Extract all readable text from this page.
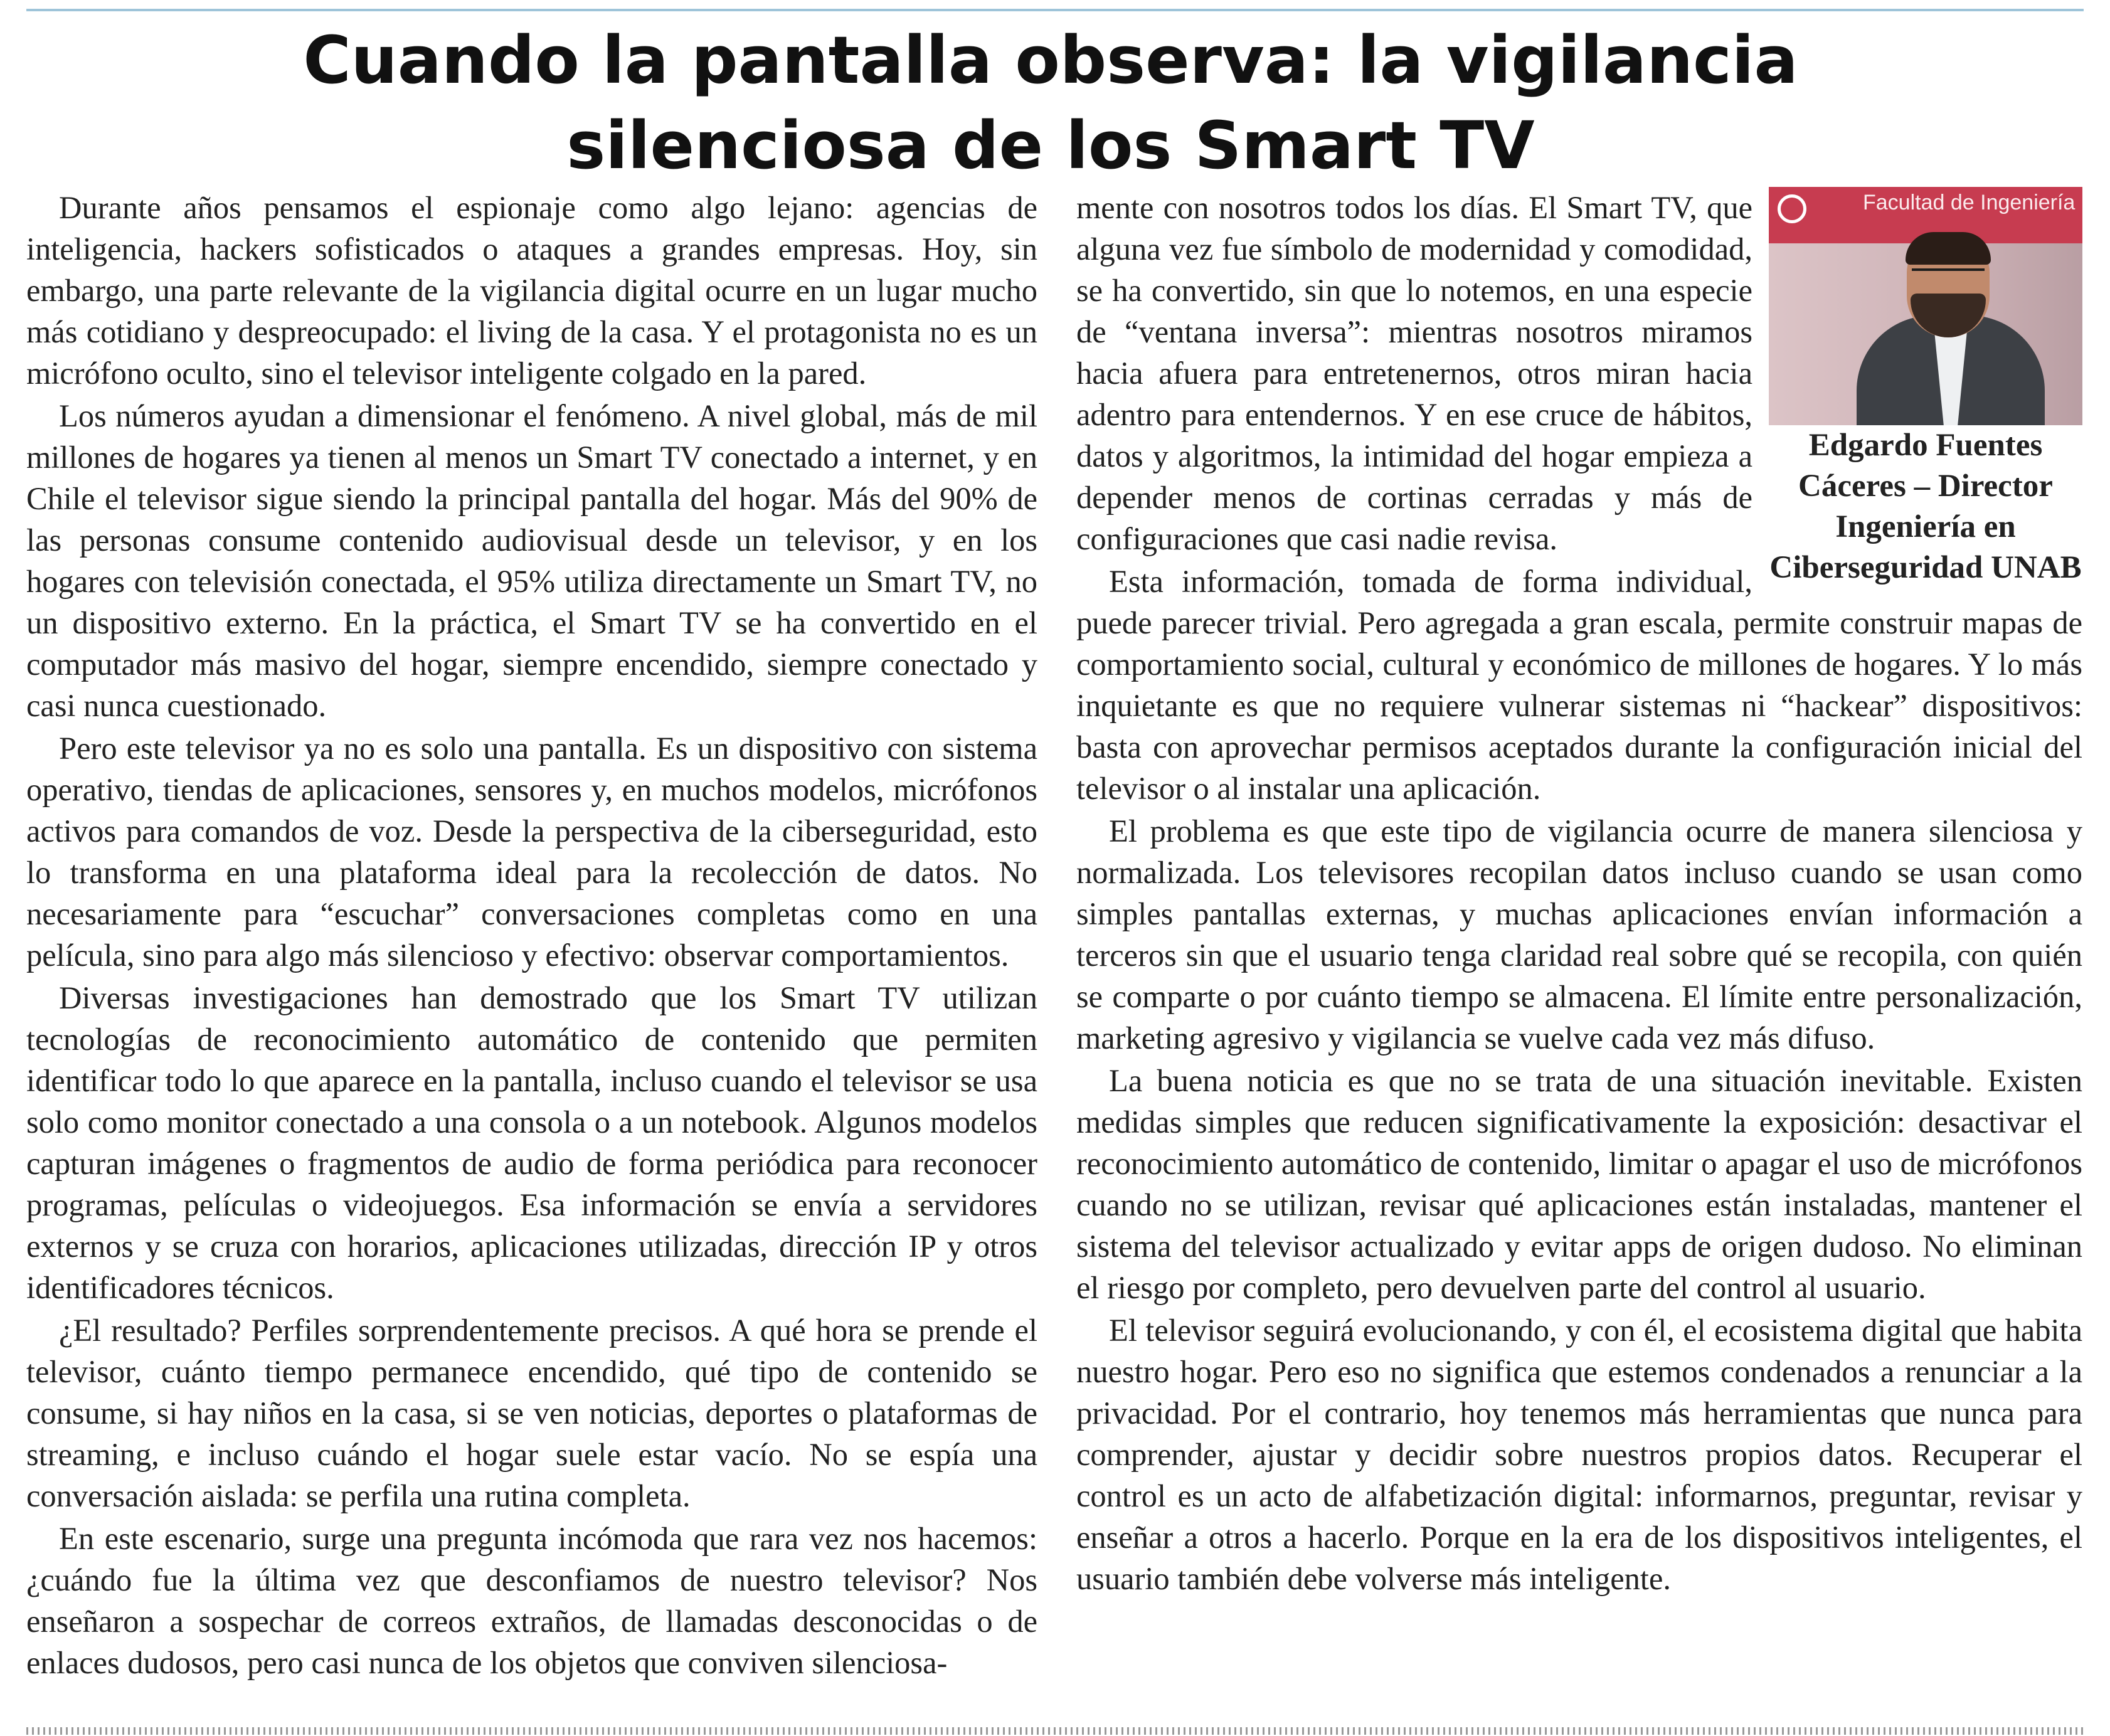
Cuando la pantalla observa: la vigilancia
silenciosa de los Smart TV

Durante años pensamos el espionaje como algo lejano: agencias de inteligencia, hackers sofisticados o ataques a grandes empresas. Hoy, sin embargo, una parte relevante de la vigilancia digital ocurre en un lugar mucho más cotidiano y despreocupado: el living de la casa. Y el protagonista no es un micrófono oculto, sino el televisor inteligente colgado en la pared.

Los números ayudan a dimensionar el fenómeno. A nivel global, más de mil millones de hogares ya tienen al menos un Smart TV conectado a internet, y en Chile el televisor sigue siendo la principal pantalla del hogar. Más del 90% de las personas consume contenido audiovisual desde un televisor, y en los hogares con televisión conectada, el 95% utiliza directamente un Smart TV, no un dispositivo externo. En la práctica, el Smart TV se ha convertido en el computador más masivo del hogar, siempre encendido, siempre conectado y casi nunca cuestionado.

Pero este televisor ya no es solo una pantalla. Es un dispositivo con sistema operativo, tiendas de aplicaciones, sensores y, en muchos modelos, micrófonos activos para comandos de voz. Desde la perspectiva de la ciberseguridad, esto lo transforma en una plataforma ideal para la recolección de datos. No necesariamente para “escuchar” conversaciones completas como en una película, sino para algo más silencioso y efectivo: observar comportamientos.

Diversas investigaciones han demostrado que los Smart TV utilizan tecnologías de reconocimiento automático de contenido que permiten identificar todo lo que aparece en la pantalla, incluso cuando el televisor se usa solo como monitor conectado a una consola o a un notebook. Algunos modelos capturan imágenes o fragmentos de audio de forma periódica para reconocer programas, películas o videojuegos. Esa información se envía a servidores externos y se cruza con horarios, aplicaciones utilizadas, dirección IP y otros identificadores técnicos.

¿El resultado? Perfiles sorprendentemente precisos. A qué hora se prende el televisor, cuánto tiempo permanece encendido, qué tipo de contenido se consume, si hay niños en la casa, si se ven noticias, deportes o plataformas de streaming, e incluso cuándo el hogar suele estar vacío. No se espía una conversación aislada: se perfila una rutina completa.

En este escenario, surge una pregunta incómoda que rara vez nos hacemos: ¿cuándo fue la última vez que desconfiamos de nuestro televisor? Nos enseñaron a sospechar de correos extraños, de llamadas desconocidas o de enlaces dudosos, pero casi nunca de los objetos que conviven silenciosa-

Facultad de Ingeniería
Edgardo Fuentes Cáceres – Director Ingeniería en Ciberseguridad UNAB

mente con nosotros todos los días. El Smart TV, que alguna vez fue símbolo de modernidad y comodidad, se ha convertido, sin que lo notemos, en una especie de “ventana inversa”: mientras nosotros miramos hacia afuera para entretenernos, otros miran hacia adentro para entendernos. Y en ese cruce de hábitos, datos y algoritmos, la intimidad del hogar empieza a depender menos de cortinas cerradas y más de configuraciones que casi nadie revisa.

Esta información, tomada de forma individual, puede parecer trivial. Pero agregada a gran escala, permite construir mapas de comportamiento social, cultural y económico de millones de hogares. Y lo más inquietante es que no requiere vulnerar sistemas ni “hackear” dispositivos: basta con aprovechar permisos aceptados durante la configuración inicial del televisor o al instalar una aplicación.

El problema es que este tipo de vigilancia ocurre de manera silenciosa y normalizada. Los televisores recopilan datos incluso cuando se usan como simples pantallas externas, y muchas aplicaciones envían información a terceros sin que el usuario tenga claridad real sobre qué se recopila, con quién se comparte o por cuánto tiempo se almacena. El límite entre personalización, marketing agresivo y vigilancia se vuelve cada vez más difuso.

La buena noticia es que no se trata de una situación inevitable. Existen medidas simples que reducen significativamente la exposición: desactivar el reconocimiento automático de contenido, limitar o apagar el uso de micrófonos cuando no se utilizan, revisar qué aplicaciones están instaladas, mantener el sistema del televisor actualizado y evitar apps de origen dudoso. No eliminan el riesgo por completo, pero devuelven parte del control al usuario.

El televisor seguirá evolucionando, y con él, el ecosistema digital que habita nuestro hogar. Pero eso no significa que estemos condenados a renunciar a la privacidad. Por el contrario, hoy tenemos más herramientas que nunca para comprender, ajustar y decidir sobre nuestros propios datos. Recuperar el control es un acto de alfabetización digital: informarnos, preguntar, revisar y enseñar a otros a hacerlo. Porque en la era de los dispositivos inteligentes, el usuario también debe volverse más inteligente.
